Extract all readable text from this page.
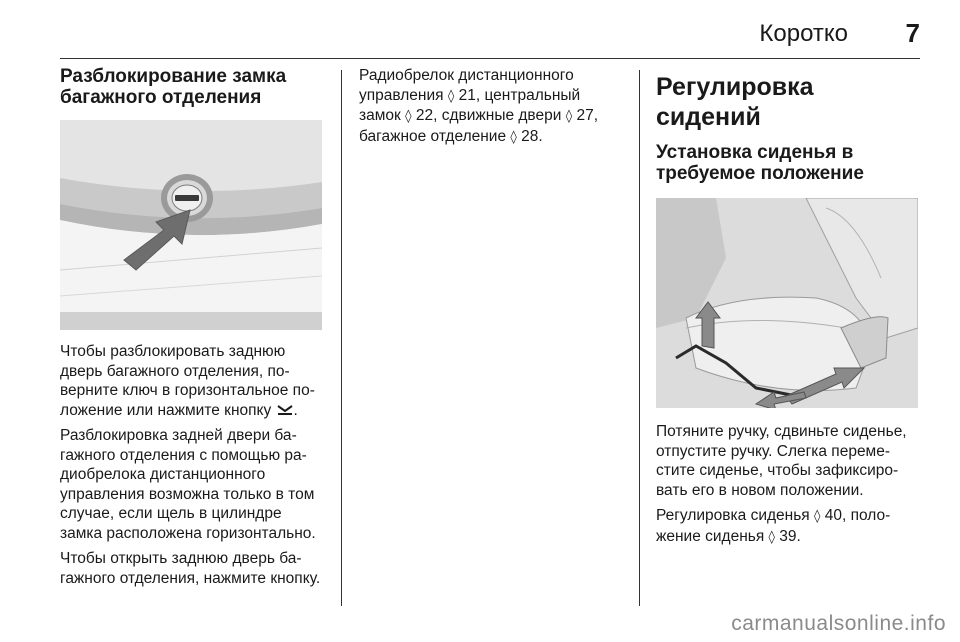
Коротко 7
Разблокирование замка багажного отделения

Чтобы разблокировать заднюю дверь багажного отделения, поверните ключ в горизонтальное положение или нажмите кнопку .

Разблокировка задней двери багажного отделения с помощью радиобрелока дистанционного управления возможна только в том случае, если щель в цилиндре замка расположена горизонтально.

Чтобы открыть заднюю дверь багажного отделения, нажмите кнопку.

Радиобрелок дистанционного управления ◊ 21, центральный замок ◊ 22, сдвижные двери ◊ 27, багажное отделение ◊ 28.

Регулировка сидений
Установка сиденья в требуемое положение

Потяните ручку, сдвиньте сиденье, отпустите ручку. Слегка переместите сиденье, чтобы зафиксировать его в новом положении.

Регулировка сиденья ◊ 40, положение сиденья ◊ 39.

carmanualsonline.info
